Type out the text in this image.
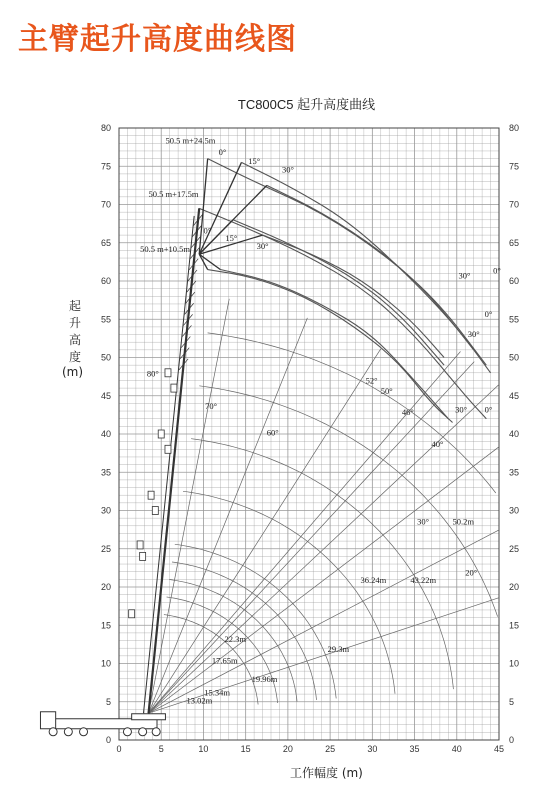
主臂起升高度曲线图
TC800C5 起升高度曲线
起升高度
(m)
工作幅度 (m)
0	5	10	15	20	25	30	35	40	45
0	0
5	5
10	10
15	15
20	20
25	25
30	30
35	35
40	40
45	45
50	50
55	55
60	60
65	65
70	70
75	75
80	80
50.5 m+24.5m
50.5 m+17.5m
50.5 m+10.5m
0°
15°
30°
0°
15°
30°
30°
0°
0°
30°
30° 0°
80°
70°
60°
52°
50°
46°
40°
30°	50.2m
20°
36.24m	43.22m
22.3m
29.3m
17.65m
19.96m
15.34m
13.02m
